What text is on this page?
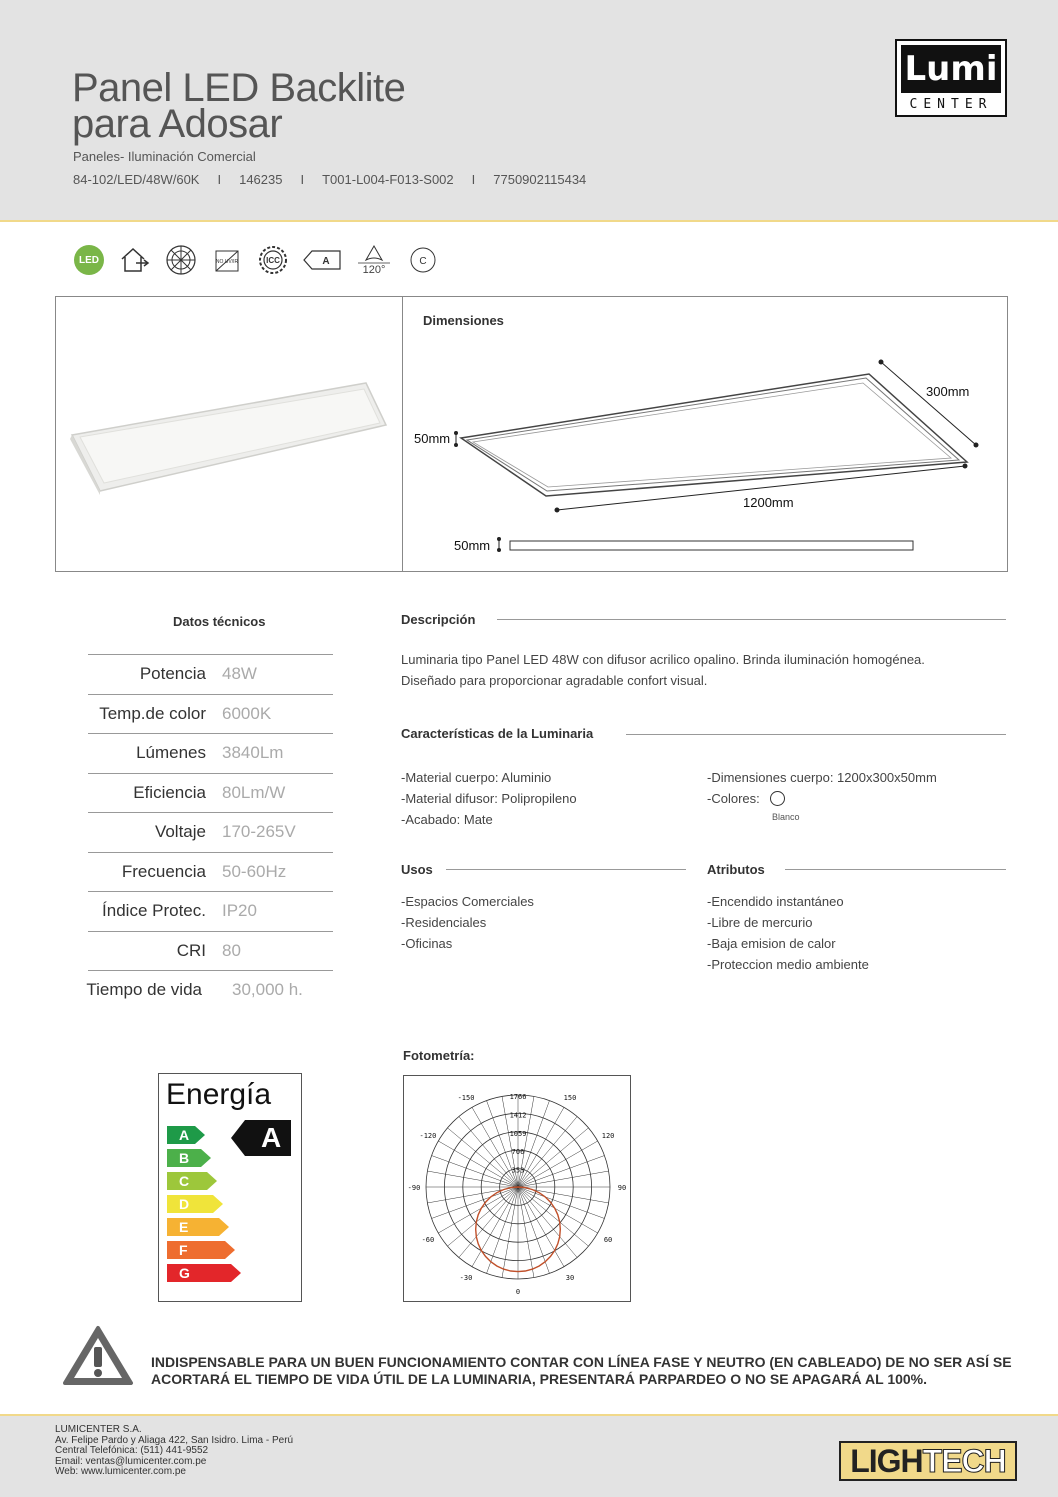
Panel LED Backlite
para Adosar
Paneles- Iluminación Comercial
84-102/LED/48W/60K I 146235 I T001-L004-F013-S002 I 7750902115434
Lumi
CENTER
LED	NO UV/IR	ICC	A
120°
C
Dimensiones
50mm
300mm
1200mm
50mm
Datos técnicos
Potencia 48W
Temp.de color 6000K
Lúmenes 3840Lm
Eficiencia 80Lm/W
Voltaje 170-265V
Frecuencia 50-60Hz
Índice Protec. IP20
CRI 80
Tiempo de vida	30,000 h.
Descripción
Luminaria tipo Panel LED 48W con difusor acrilico opalino. Brinda iluminación homogénea.
Diseñado para proporcionar agradable confort visual.
Características de la Luminaria
-Material cuerpo: Aluminio
-Material difusor: Polipropileno
-Acabado: Mate
-Dimensiones cuerpo: 1200x300x50mm
-Colores:
Blanco
Usos
-Espacios Comerciales
-Residenciales
-Oficinas
Atributos
-Encendido instantáneo
-Libre de mercurio
-Baja emision de calor
-Proteccion medio ambiente
Energía
A
A
B
C
D
E
F
G
Fotometría:
1766
1412
1059
706
353
-150	150
-120	120
-90	90
-60	60
-30	30
0
INDISPENSABLE PARA UN BUEN FUNCIONAMIENTO CONTAR CON LÍNEA FASE Y NEUTRO (EN CABLEADO) DE NO SER ASÍ SE
ACORTARÁ EL TIEMPO DE VIDA ÚTIL DE LA LUMINARIA, PRESENTARÁ PARPARDEO O NO SE APAGARÁ AL 100%.
LUMICENTER S.A.
Av. Felipe Pardo y Aliaga 422, San Isidro. Lima - Perú
Central Telefónica: (511) 441-9552
Email: ventas@lumicenter.com.pe
Web: www.lumicenter.com.pe	LIGH TECH
